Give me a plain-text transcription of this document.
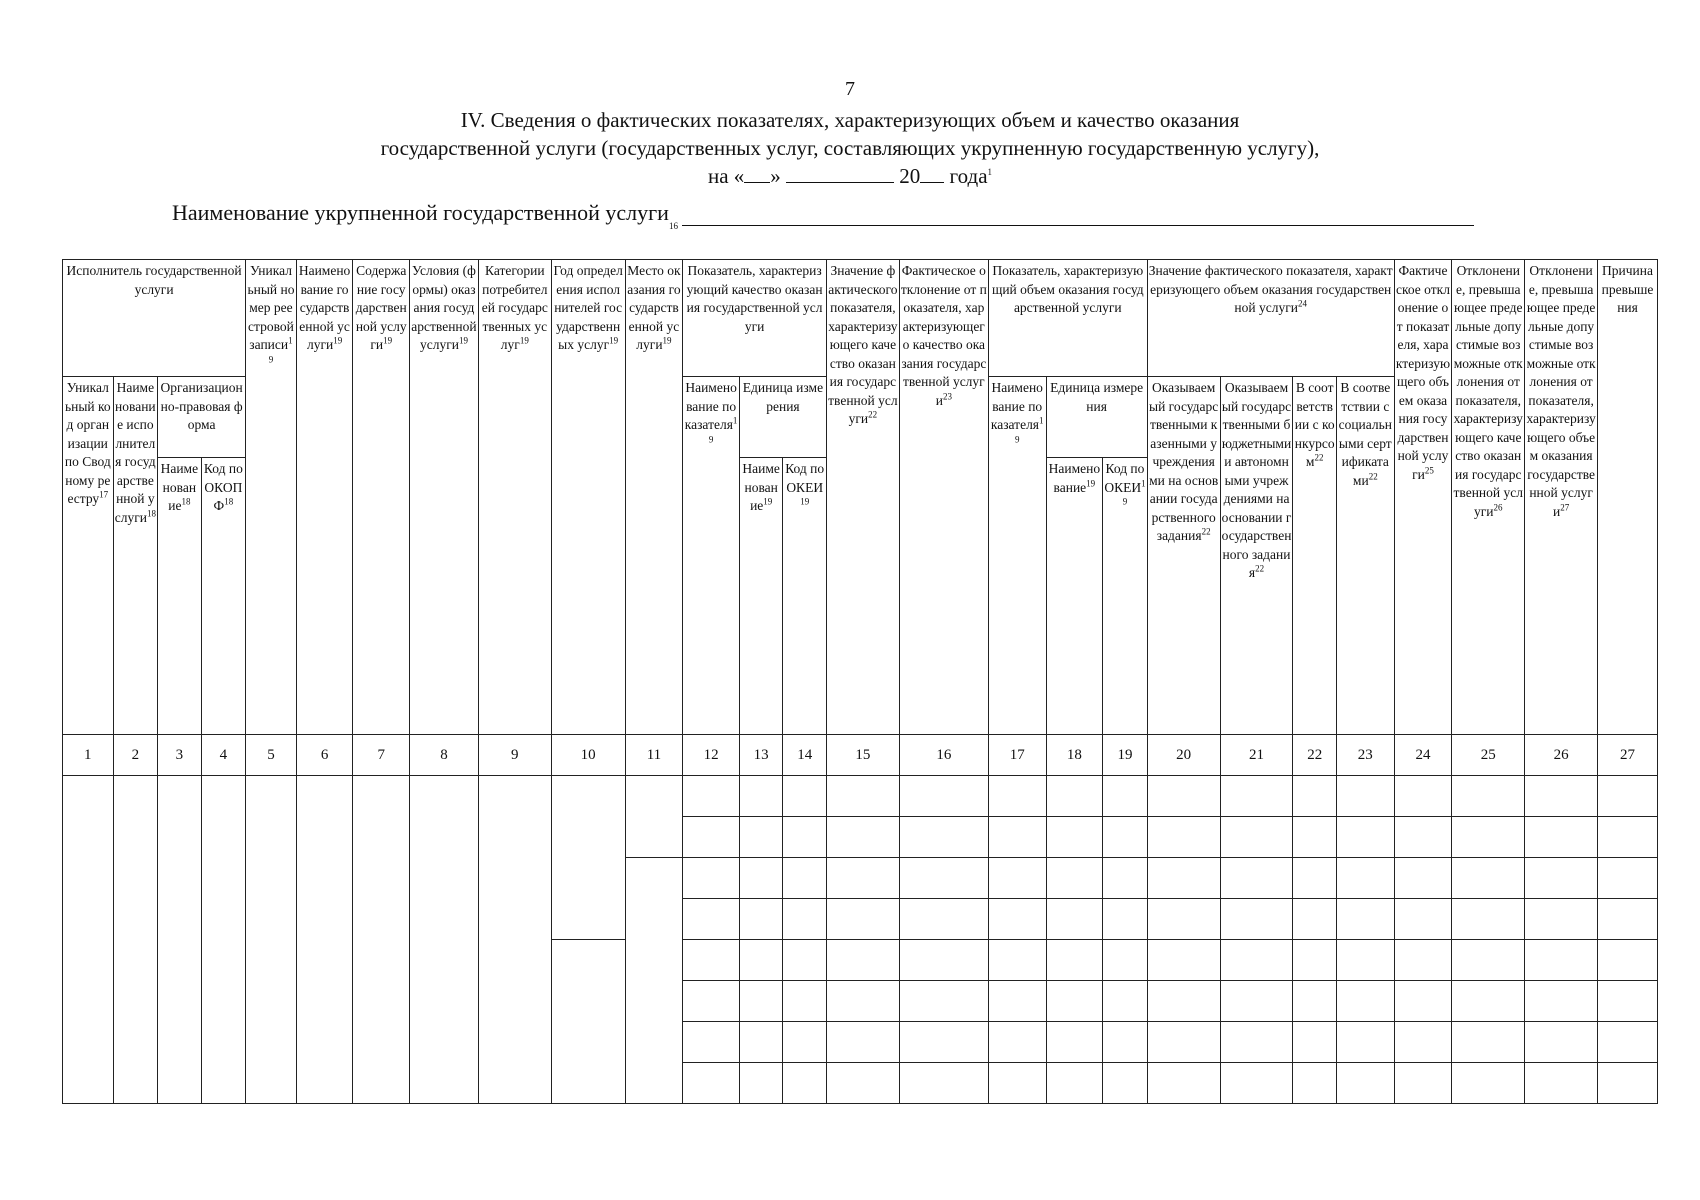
7
IV. Сведения о фактических показателях, характеризующих объем и качество оказания
государственной услуги (государственных услуг, составляющих укрупненную государственную услугу),
на « »	20 года$^1$
Наименование укрупненной государственной услуги
16
Исполнитель государственной услуги				Уникальный номер реестровой записи$^{19}$	Наименование государственной услуги$^{19}$	Содержание государственной услуги$^{19}$	Условия (формы) оказания государственной услуги$^{19}$	Категории потребителей государственных услуг$^{19}$	Год определения исполнителей государственных услуг$^{19}$	Место оказания государственной услуги$^{19}$	Показатель, характеризующий качество оказания государственной услуги			Значение фактического показателя, характеризующего качество оказания государственной услуги$^{22}$	Фактическое отклонение от показателя, характеризующего качество оказания государственной услуги$^{23}$	Показатель, характеризующий объем оказания государственной услуги			Значение фактического показателя, характеризующего объем оказания государственной услуги$^{24}$				Фактическое отклонение от показателя, характеризующего объем оказания государственной услуги$^{25}$	Отклонение, превышающее предельные допустимые возможные отклонения от показателя, характеризующего качество оказания государственной услуги$^{26}$	Отклонение, превышающее предельные допустимые возможные отклонения от показателя, характеризующего объем оказания государственной услуги$^{27}$	Причина превышения
Уникальный код организации по Сводному реестру$^{17}$	Наименование исполнителя государственной услуги$^{18}$	Организационно-правовая форма									Наименование показателя$^{19}$	Единица измерения				Наименование показателя$^{19}$	Единица измерения		Оказываемый государственными казенными учреждениями на основании государственного задания$^{22}$	Оказываемый государственными бюджетными и автономными учреждениями на основании государственного задания$^{22}$	В соответствии с конкурсом$^{22}$	В соответствии с социальными сертификатами$^{22}$
		Наименование$^{18}$	Код по ОКОПФ$^{18}$									Наименование$^{19}$	Код по ОКЕИ$^{19}$				Наименование$^{19}$	Код по ОКЕИ$^{19}$
1	2	3	4	5	6	7	8	9	10	11	12	13	14	15	16	17	18	19	20	21	22	23	24	25	26	27
